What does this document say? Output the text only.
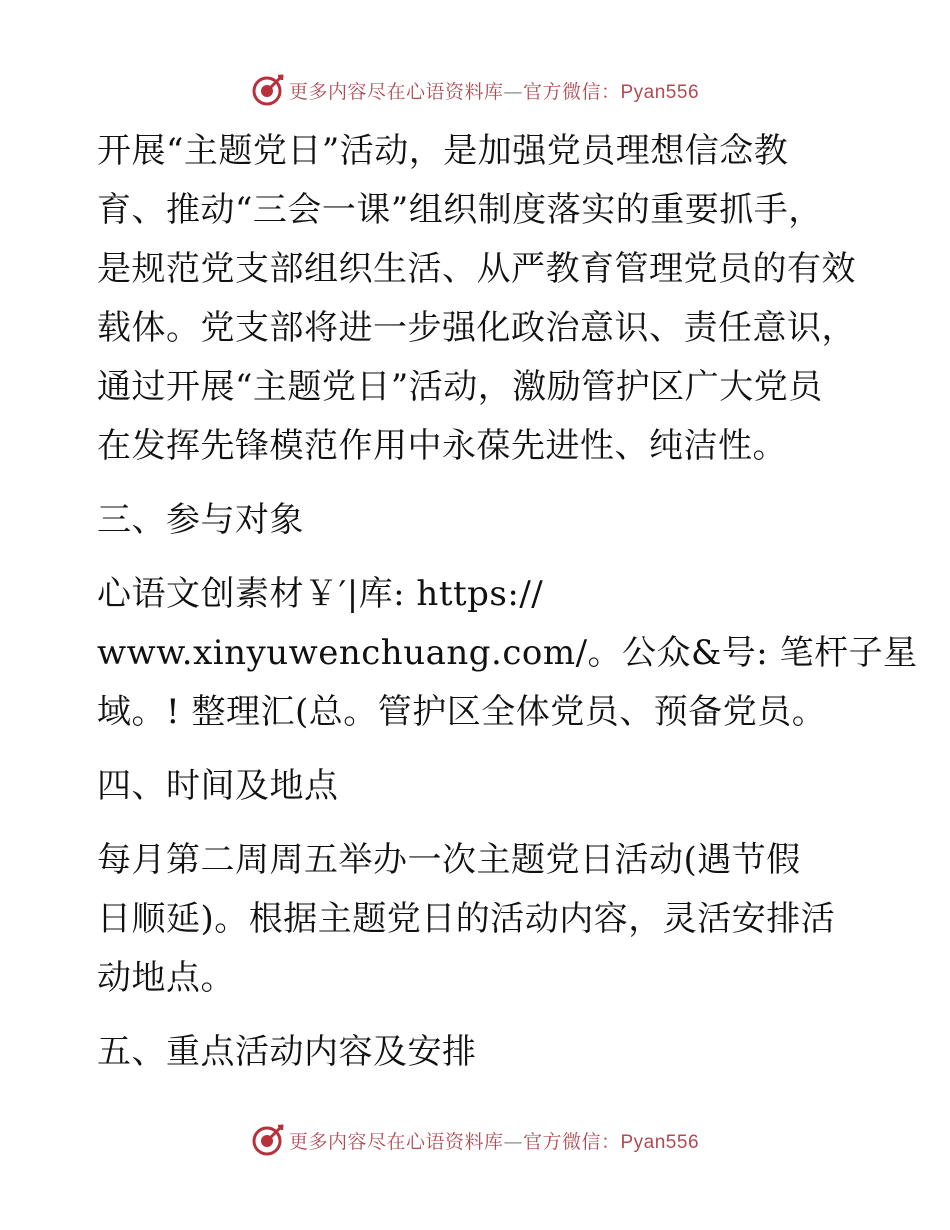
更多内容尽在心语资料库—官方微信：Pyan556
开展“主题党日”活动，是加强党员理想信念教
育、推动“三会一课”组织制度落实的重要抓手，
是规范党支部组织生活、从严教育管理党员的有效
载体。党支部将进一步强化政治意识、责任意识，
通过开展“主题党日”活动，激励管护区广大党员
在发挥先锋模范作用中永葆先进性、纯洁性。
三、参与对象
心语文创素材￥′|库: https://
www.xinyuwenchuang.com/。公众&号: 笔杆子星
域。! 整理汇(总。管护区全体党员、预备党员。
四、时间及地点
每月第二周周五举办一次主题党日活动(遇节假
日顺延)。根据主题党日的活动内容，灵活安排活
动地点。
五、重点活动内容及安排
更多内容尽在心语资料库—官方微信：Pyan556
